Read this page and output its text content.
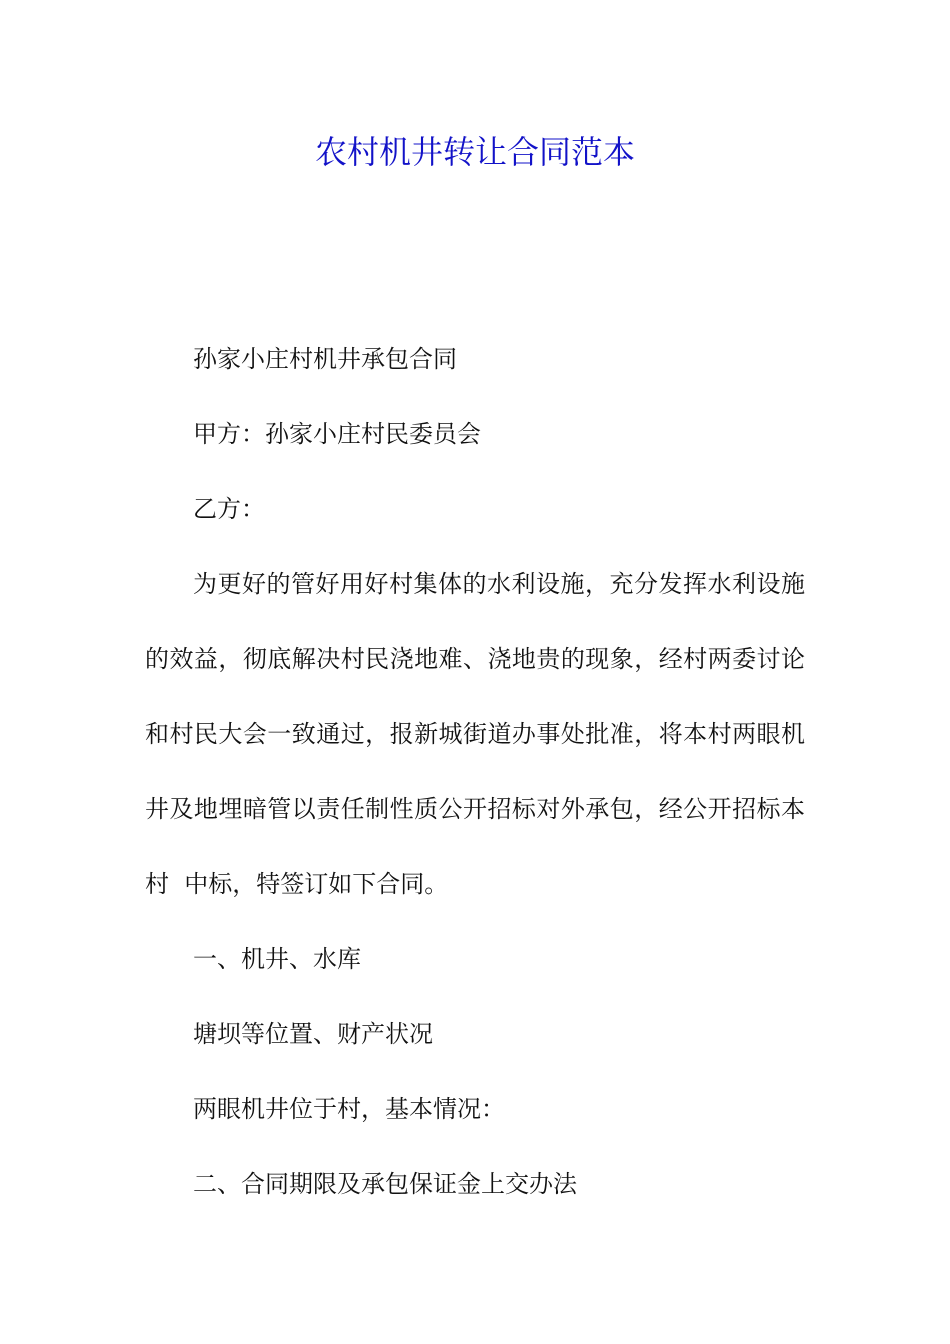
农村机井转让合同范本
孙家小庄村机井承包合同
甲方：孙家小庄村民委员会
乙方：
为更好的管好用好村集体的水利设施，充分发挥水利设施
的效益，彻底解决村民浇地难、浇地贵的现象，经村两委讨论
和村民大会一致通过，报新城街道办事处批准，将本村两眼机
井及地埋暗管以责任制性质公开招标对外承包，经公开招标本
村  中标，特签订如下合同。
一、机井、水库
塘坝等位置、财产状况
两眼机井位于村，基本情况：
二、合同期限及承包保证金上交办法
